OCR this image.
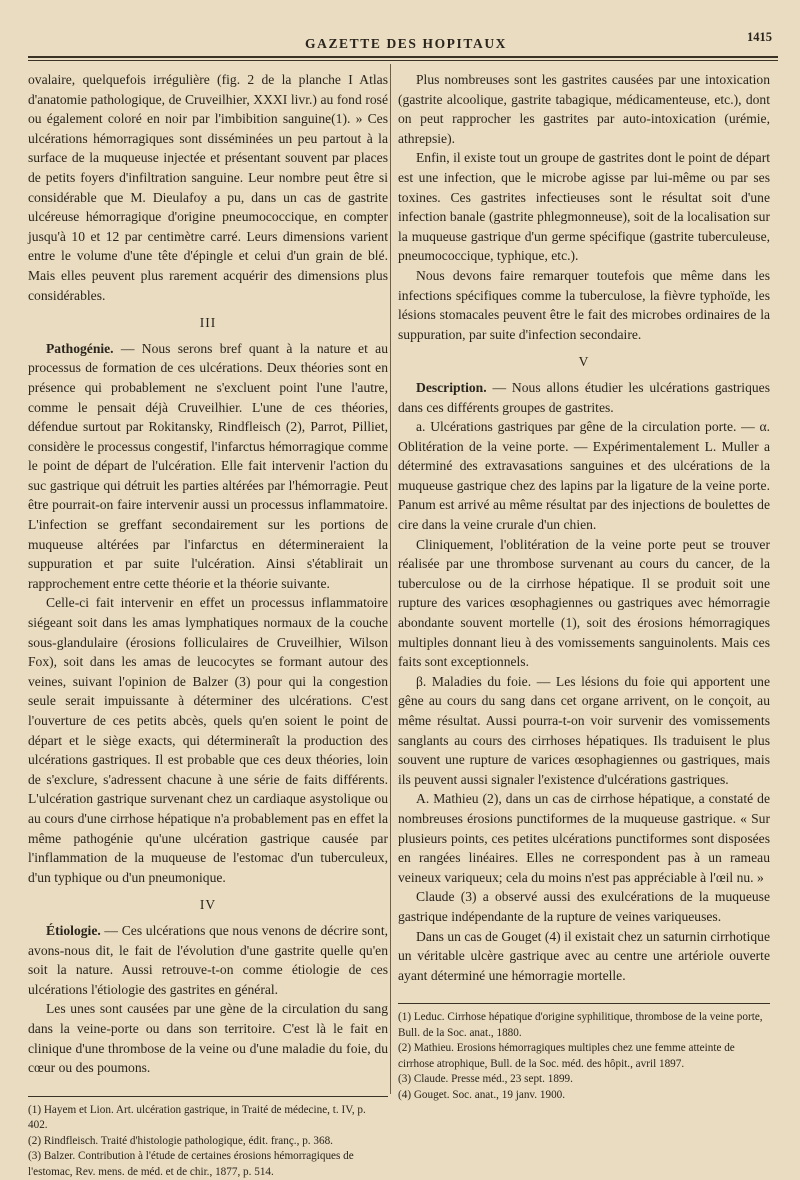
GAZETTE DES HOPITAUX	1415

ovalaire, quelquefois irrégulière (fig. 2 de la planche I Atlas d'anatomie pathologique, de Cruveilhier, XXXI livr.) au fond rosé ou également coloré en noir par l'imbibition sanguine(1). » Ces ulcérations hémorragiques sont disséminées un peu partout à la surface de la muqueuse injectée et présentant souvent par places de petits foyers d'infiltration sanguine. Leur nombre peut être si considérable que M. Dieulafoy a pu, dans un cas de gastrite ulcéreuse hémorragique d'origine pneumococcique, en compter jusqu'à 10 et 12 par centimètre carré. Leurs dimensions varient entre le volume d'une tête d'épingle et celui d'un grain de blé. Mais elles peuvent plus rarement acquérir des dimensions plus considérables.

III

Pathogénie. — Nous serons bref quant à la nature et au processus de formation de ces ulcérations. Deux théories sont en présence qui probablement ne s'excluent point l'une l'autre, comme le pensait déjà Cruveilhier. L'une de ces théories, défendue surtout par Rokitansky, Rindfleisch (2), Parrot, Pilliet, considère le processus congestif, l'infarctus hémorragique comme le point de départ de l'ulcération. Elle fait intervenir l'action du suc gastrique qui détruit les parties altérées par l'hémorragie. Peut être pourrait-on faire intervenir aussi un processus inflammatoire. L'infection se greffant secondairement sur les portions de muqueuse altérées par l'infarctus en détermineraient la suppuration et par suite l'ulcération. Ainsi s'établirait un rapprochement entre cette théorie et la théorie suivante.

Celle-ci fait intervenir en effet un processus inflammatoire siégeant soit dans les amas lymphatiques normaux de la couche sous-glandulaire (érosions folliculaires de Cruveilhier, Wilson Fox), soit dans les amas de leucocytes se formant autour des veines, suivant l'opinion de Balzer (3) pour qui la congestion seule serait impuissante à déterminer des ulcérations. C'est l'ouverture de ces petits abcès, quels qu'en soient le point de départ et le siège exacts, qui détermineraît la production des ulcérations gastriques. Il est probable que ces deux théories, loin de s'exclure, s'adressent chacune à une série de faits différents. L'ulcération gastrique survenant chez un cardiaque asystolique ou au cours d'une cirrhose hépatique n'a probablement pas en effet la même pathogénie qu'une ulcération gastrique causée par l'inflammation de la muqueuse de l'estomac d'un tuberculeux, d'un typhique ou d'un pneumonique.

IV

Étiologie. — Ces ulcérations que nous venons de décrire sont, avons-nous dit, le fait de l'évolution d'une gastrite quelle qu'en soit la nature. Aussi retrouve-t-on comme étiologie de ces ulcérations l'étiologie des gastrites en général.

Les unes sont causées par une gène de la circulation du sang dans la veine-porte ou dans son territoire. C'est là le fait en clinique d'une thrombose de la veine ou d'une maladie du foie, du cœur ou des poumons.

(1) Hayem et Lion. Art. ulcération gastrique, in Traité de médecine, t. IV, p. 402.

(2) Rindfleisch. Traité d'histologie pathologique, édit. franç., p. 368.

(3) Balzer. Contribution à l'étude de certaines érosions hémorragiques de l'estomac, Rev. mens. de méd. et de chir., 1877, p. 514.

Plus nombreuses sont les gastrites causées par une intoxication (gastrite alcoolique, gastrite tabagique, médicamenteuse, etc.), dont on peut rapprocher les gastrites par auto-intoxication (urémie, athrepsie).

Enfin, il existe tout un groupe de gastrites dont le point de départ est une infection, que le microbe agisse par lui-même ou par ses toxines. Ces gastrites infectieuses sont le résultat soit d'une infection banale (gastrite phlegmonneuse), soit de la localisation sur la muqueuse gastrique d'un germe spécifique (gastrite tuberculeuse, pneumococcique, typhique, etc.).

Nous devons faire remarquer toutefois que même dans les infections spécifiques comme la tuberculose, la fièvre typhoïde, les lésions stomacales peuvent être le fait des microbes ordinaires de la suppuration, par suite d'infection secondaire.

V

Description. — Nous allons étudier les ulcérations gastriques dans ces différents groupes de gastrites.

a. Ulcérations gastriques par gêne de la circulation porte. — α. Oblitération de la veine porte. — Expérimentalement L. Muller a déterminé des extravasations sanguines et des ulcérations de la muqueuse gastrique chez des lapins par la ligature de la veine porte. Panum est arrivé au même résultat par des injections de boulettes de cire dans la veine crurale d'un chien.

Cliniquement, l'oblitération de la veine porte peut se trouver réalisée par une thrombose survenant au cours du cancer, de la tuberculose ou de la cirrhose hépatique. Il se produit soit une rupture des varices œsophagiennes ou gastriques avec hémorragie abondante souvent mortelle (1), soit des érosions hémorragiques multiples donnant lieu à des vomissements sanguinolents. Mais ces faits sont exceptionnels.

β. Maladies du foie. — Les lésions du foie qui apportent une gêne au cours du sang dans cet organe arrivent, on le conçoit, au même résultat. Aussi pourra-t-on voir survenir des vomissements sanglants au cours des cirrhoses hépatiques. Ils traduisent le plus souvent une rupture de varices œsophagiennes ou gastriques, mais ils peuvent aussi signaler l'existence d'ulcérations gastriques.

A. Mathieu (2), dans un cas de cirrhose hépatique, a constaté de nombreuses érosions punctiformes de la muqueuse gastrique. « Sur plusieurs points, ces petites ulcérations punctiformes sont disposées en rangées linéaires. Elles ne correspondent pas à un rameau veineux variqueux; cela du moins n'est pas appréciable à l'œil nu. »

Claude (3) a observé aussi des exulcérations de la muqueuse gastrique indépendante de la rupture de veines variqueuses.

Dans un cas de Gouget (4) il existait chez un saturnin cirrhotique un véritable ulcère gastrique avec au centre une artériole ouverte ayant déterminé une hémorragie mortelle.

(1) Leduc. Cirrhose hépatique d'origine syphilitique, thrombose de la veine porte, Bull. de la Soc. anat., 1880.

(2) Mathieu. Erosions hémorragiques multiples chez une femme atteinte de cirrhose atrophique, Bull. de la Soc. méd. des hôpit., avril 1897.

(3) Claude. Presse méd., 23 sept. 1899.

(4) Gouget. Soc. anat., 19 janv. 1900.
